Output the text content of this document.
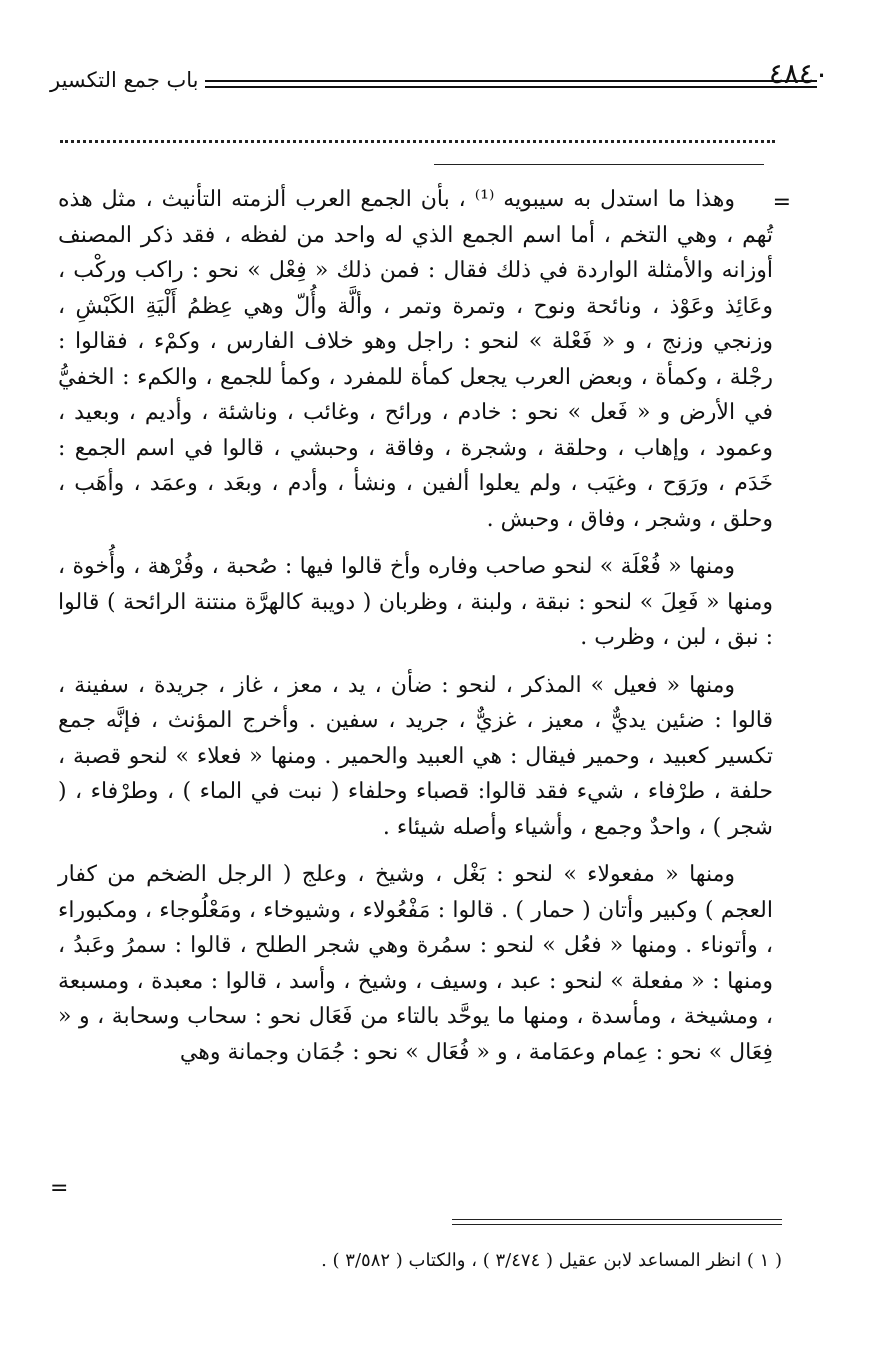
٤٨٤٠
باب جمع التكسير
=

وهذا ما استدل به سيبويه ⁽¹⁾ ، بأن الجمع العرب ألزمته التأنيث ، مثل هذه تُهم ، وهي التخم ، أما اسم الجمع الذي له واحد من لفظه ، فقد ذكر المصنف أوزانه والأمثلة الواردة في ذلك فقال : فمن ذلك « فِعْل » نحو : راكب وركْب ، وعَائِذ وعَوْذ ، ونائحة ونوح ، وتمرة وتمر ، وألَّة وأُلّ وهي عِظمُ أَلْيَةِ الكَبْشِ ، وزنجي وزنج ، و « فَعْلة » لنحو : راجل وهو خلاف الفارس ، وكمْء ، فقالوا : رجْلة ، وكمأة ، وبعض العرب يجعل كمأة للمفرد ، وكمأ للجمع ، والكمء : الخفيُّ في الأرض و « فَعل » نحو : خادم ، ورائح ، وغائب ، وناشئة ، وأديم ، وبعيد ، وعمود ، وإهاب ، وحلقة ، وشجرة ، وفاقة ، وحبشي ، قالوا في اسم الجمع : خَدَم ، ورَوَح ، وغيَب ، ولم يعلوا ألفين ، ونشأ ، وأدم ، وبعَد ، وعمَد ، وأهَب ، وحلق ، وشجر ، وفاق ، وحبش .

ومنها « فُعْلَة » لنحو صاحب وفاره وأخ قالوا فيها : صُحبة ، وفُرْهة ، وأُخوة ، ومنها « فَعِلَ » لنحو : نبقة ، ولبنة ، وظربان ( دويبة كالهرَّة منتنة الرائحة ) قالوا : نبق ، لبن ، وظرب .

ومنها « فعيل » المذكر ، لنحو : ضأن ، يد ، معز ، غاز ، جريدة ، سفينة ، قالوا : ضئين يديٌّ ، معيز ، غزيٌّ ، جريد ، سفين . وأخرج المؤنث ، فإنَّه جمع تكسير كعبيد ، وحمير فيقال : هي العبيد والحمير . ومنها « فعلاء » لنحو قصبة ، حلفة ، طرْفاء ، شيء فقد قالوا: قصباء وحلفاء ( نبت في الماء ) ، وطرْفاء ، ( شجر ) ، واحدٌ وجمع ، وأشياء وأصله شيئاء .

ومنها « مفعولاء » لنحو : بَغْل ، وشيخ ، وعلج ( الرجل الضخم من كفار العجم ) وكبير وأتان ( حمار ) . قالوا : مَفْعُولاء ، وشيوخاء ، ومَعْلُوجاء ، ومكبوراء ، وأتوناء . ومنها « فعُل » لنحو : سمُرة وهي شجر الطلح ، قالوا : سمرُ وعَبدُ ، ومنها : « مفعلة » لنحو : عبد ، وسيف ، وشيخ ، وأسد ، قالوا : معبدة ، ومسبعة ، ومشيخة ، ومأسدة ، ومنها ما يوحَّد بالتاء من فَعَال نحو : سحاب وسحابة ، و « فِعَال » نحو : عِمام وعمَامة ، و « فُعَال » نحو : جُمَان وجمانة وهي

=
( ١ ) انظر المساعد لابن عقيل ( ٣/٤٧٤ ) ، والكتاب ( ٣/٥٨٢ ) .
